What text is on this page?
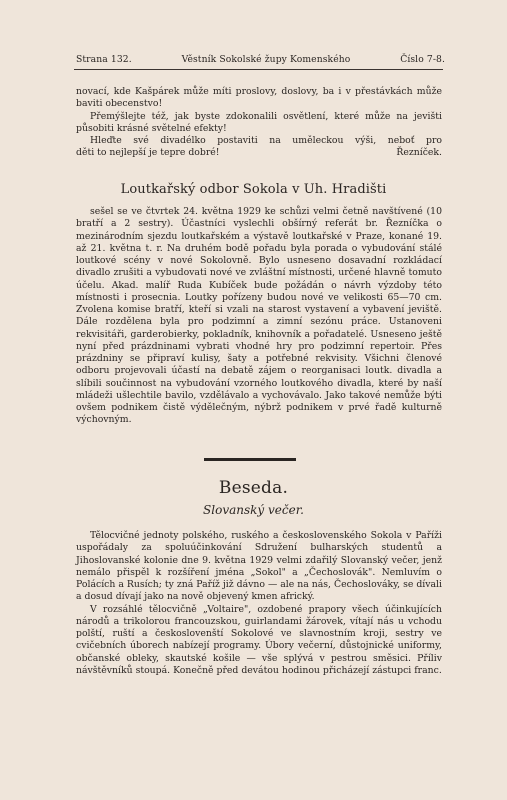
Strana 132.	Věstník Sokolské župy Komenského	Číslo 7-8.

novací, kde Kašpárek může míti proslovy, doslovy, ba i v přestávkách může baviti obecenstvo!

Přemýšlejte též, jak byste zdokonalili osvětlení, které může na jevišti působiti krásné světelné efekty!

Hleďte své divadélko postaviti na uměleckou výši, neboť pro

děti to nejlepší je tepre dobré!	Řezníček.
Loutkařský odbor Sokola v Uh. Hradišti

sešel se ve čtvrtek 24. května 1929 ke schůzi velmi četně navštívené (10 bratří a 2 sestry). Účastníci vyslechli obšírný referát br. Řezníčka o mezinárodním sjezdu loutkařském a výstavě loutkařské v Praze, konané 19. až 21. května t. r. Na druhém bodě pořadu byla porada o vybudování stálé loutkové scény v nové Sokolovně. Bylo usneseno dosavadní rozkládací divadlo zrušiti a vybudovati nové ve zvláštní místnosti, určené hlavně tomuto účelu. Akad. malíř Ruda Kubíček bude požádán o návrh výzdoby této místnosti i prosecnia. Loutky pořízeny budou nové ve velikosti 65—70 cm. Zvolena komise bratří, kteří si vzali na starost vystavení a vybavení jeviště. Dále rozdělena byla pro podzimní a zimní sezónu práce. Ustanoveni rekvisitáři, garderobierky, pokladník, knihovník a pořadatelé. Usneseno ještě nyní před prázdninami vybrati vhodné hry pro podzimní repertoir. Přes prázdniny se připraví kulisy, šaty a potřebné rekvisity. Všichni členové odboru projevovali účastí na debatě zájem o reorganisaci loutk. divadla a slíbili součinnost na vybudování vzorného loutkového divadla, které by naší mládeži ušlechtile bavilo, vzdělávalo a vychovávalo. Jako takové nemůže býti ovšem podnikem čistě výdělečným, nýbrž podnikem v prvé řadě kulturně výchovným.

Beseda.
Slovanský večer.

Tělocvičné jednoty polského, ruského a československého Sokola v Paříži uspořádaly za spoluúčinkování Sdružení bulharských studentů a Jihoslovanské kolonie dne 9. května 1929 velmi zdařilý Slovanský večer, jenž nemálo přispěl k rozšíření jména „Sokol" a „Čechoslovák". Nemluvím o Polácích a Rusích; ty zná Paříž již dávno — ale na nás, Čechoslováky, se dívali a dosud dívají jako na nově objevený kmen africký.

V rozsáhlé tělocvičně „Voltaire", ozdobené prapory všech účinkujících národů a trikolorou francouzskou, guirlandami žárovek, vítají nás u vchodu polští, ruští a českoslovenští Sokolové ve slavnostním kroji, sestry ve cvičebních úborech nabízejí programy. Úbory večerní, důstojnické uniformy, občanské obleky, skautské košile — vše splývá v pestrou směsici. Příliv návštěvníků stoupá. Konečně před devátou hodinou přicházejí zástupci franc.
